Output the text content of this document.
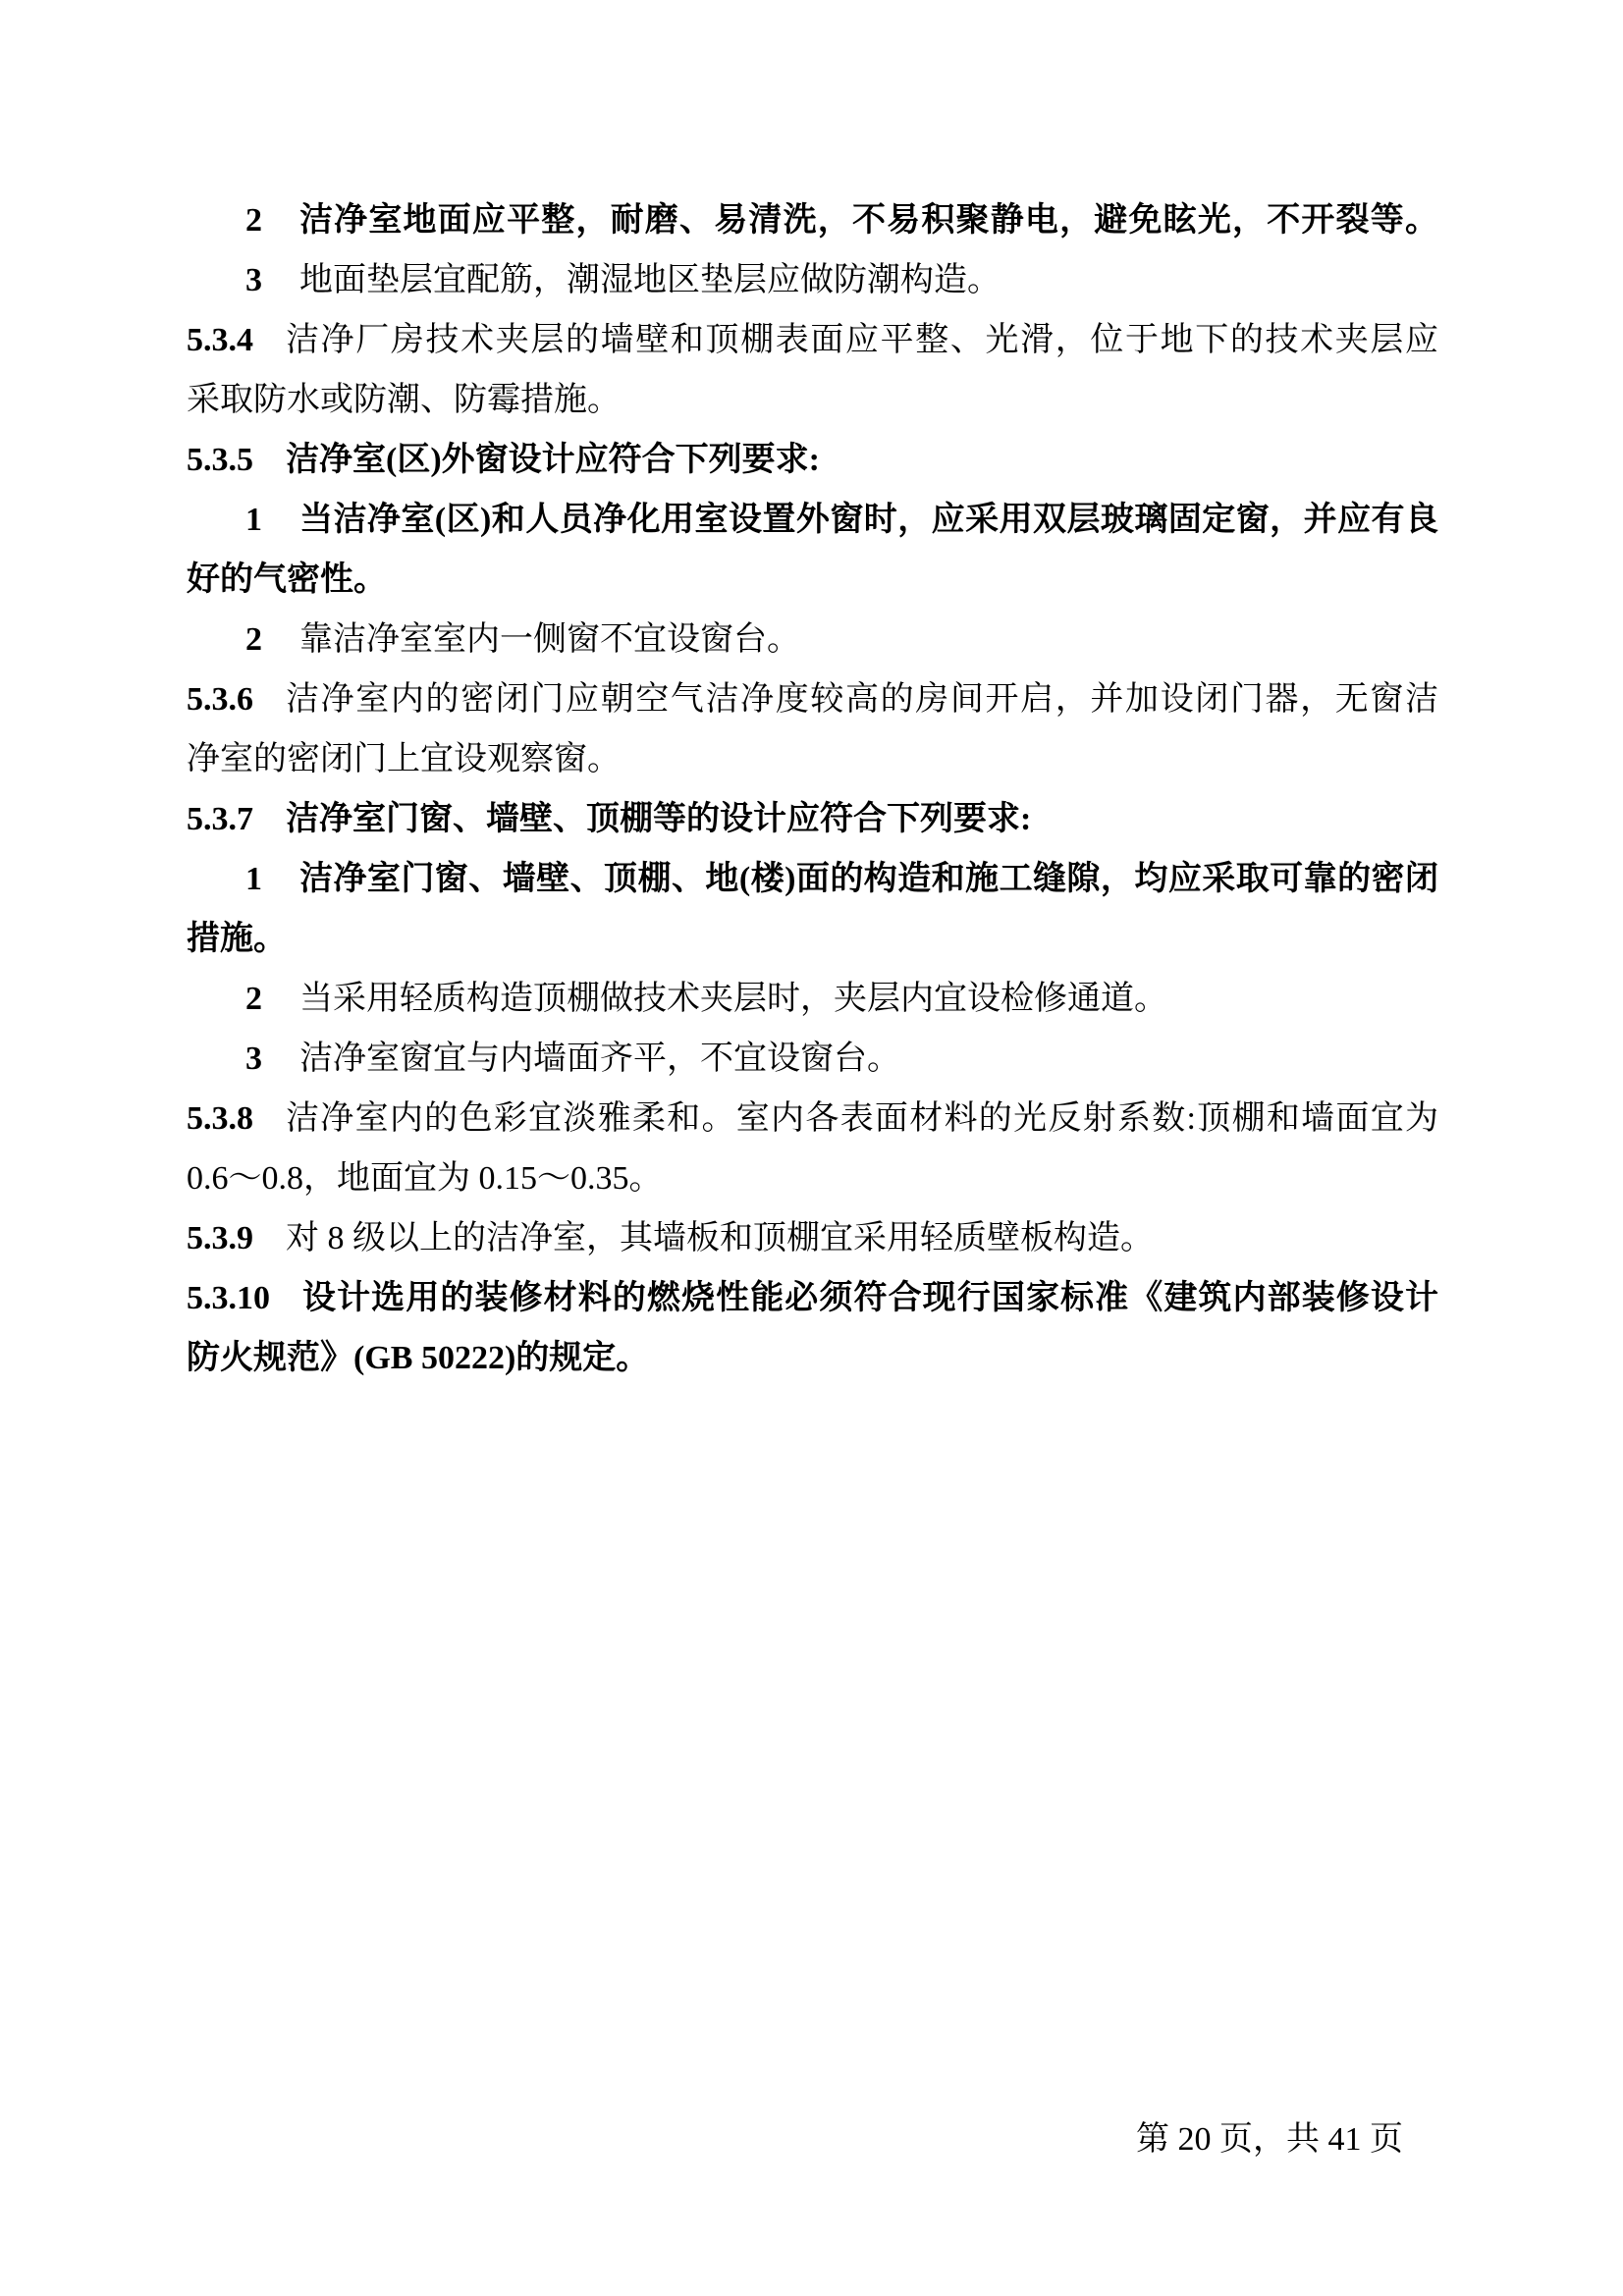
2 洁净室地面应平整，耐磨、易清洗，不易积聚静电，避免眩光，不开裂等。
3 地面垫层宜配筋，潮湿地区垫层应做防潮构造。
5.3.4 洁净厂房技术夹层的墙壁和顶棚表面应平整、光滑，位于地下的技术夹层应
采取防水或防潮、防霉措施。
5.3.5 洁净室(区)外窗设计应符合下列要求:
1 当洁净室(区)和人员净化用室设置外窗时，应采用双层玻璃固定窗，并应有良
好的气密性。
2 靠洁净室室内一侧窗不宜设窗台。
5.3.6 洁净室内的密闭门应朝空气洁净度较高的房间开启，并加设闭门器，无窗洁
净室的密闭门上宜设观察窗。
5.3.7 洁净室门窗、墙壁、顶棚等的设计应符合下列要求:
1 洁净室门窗、墙壁、顶棚、地(楼)面的构造和施工缝隙，均应采取可靠的密闭
措施。
2 当采用轻质构造顶棚做技术夹层时，夹层内宜设检修通道。
3 洁净室窗宜与内墙面齐平，不宜设窗台。
5.3.8 洁净室内的色彩宜淡雅柔和。室内各表面材料的光反射系数:顶棚和墙面宜为
0.6～0.8，地面宜为 0.15～0.35。
5.3.9 对 8 级以上的洁净室，其墙板和顶棚宜采用轻质壁板构造。
5.3.10 设计选用的装修材料的燃烧性能必须符合现行国家标准《建筑内部装修设计
防火规范》(GB 50222)的规定。
第 20 页，共 41 页
